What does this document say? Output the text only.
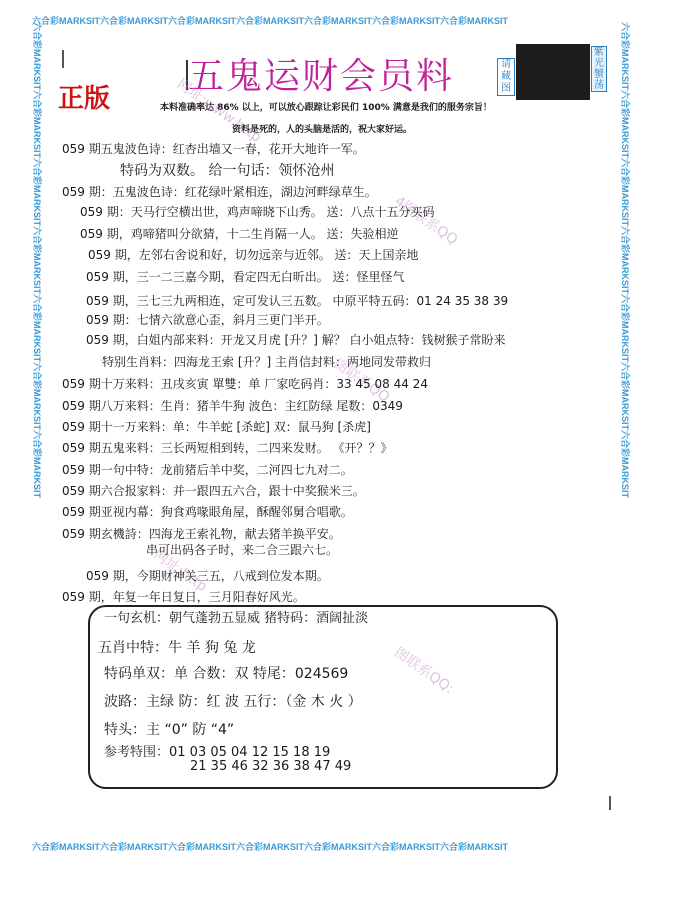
六合彩MARKSIT六合彩MARKSIT六合彩MARKSIT六合彩MARKSIT六合彩MARKSIT六合彩MARKSIT六合彩MARKSIT
六合彩MARKSIT六合彩MARKSIT六合彩MARKSIT六合彩MARKSIT六合彩MARKSIT六合彩MARKSIT六合彩MARKSIT
六合彩MARKSIT六合彩MARKSIT六合彩MARKSIT六合彩MARKSIT六合彩MARKSIT六合彩MARKSIT六合彩MARKSIT	六合彩MARKSIT六合彩MARKSIT六合彩MARKSIT六合彩MARKSIT六合彩MARKSIT六合彩MARKSIT六合彩MARKSIT
五鬼运财会员料
正版
请藏图
紫光蟹荡
本料准确率达 86% 以上，可以放心跟踪让彩民们 100% 满意是我们的服务宗旨！
资料是死的，人的头脑是活的，祝大家好运。
网址:www.http
4图联系QQ
图联系QQ
网址:http
图联系QQ:
059 期五鬼波色诗：红杏出墙又一春，花开大地许一军。
特码为双数。 给一句话：领怀沧州
059 期：五鬼波色诗：红花绿叶紧相连，湖边河畔绿草生。
059 期：天马行空横出世，鸡声啼晓下山秀。 送：八点十五分买码
059 期，鸡啼猪叫分欲猜，十二生肖隔一人。 送：失验相逆
059 期，左邻右舍说和好，切勿远亲与近邻。 送：天上国亲地
059 期，三一二三嘉今期，看定四无白昕出。 送：怪里怪气
059 期，三七三九两相连，定可发认三五数。 中原平特五码：01 24 35 38 39
059 期：七情六欲意心歪，斜月三更门半开。
059 期，白姐内部来料：开龙又月虎 [升？] 解？ 白小姐点特：钱树猴子常盼来
特别生肖料：四海龙王索 [升？] 主肖信封料：两地同发带救归
059 期十万来料：丑戌亥寅 單雙：单 厂家吃码肖：33 45 08 44 24
059 期八万来料：生肖：猪羊牛狗 波色：主红防绿 尾数：0349
059 期十一万来料：单：牛羊蛇 [杀蛇] 双：鼠马狗 [杀虎]
059 期五鬼来料：三长两短相到转，二四来发财。 《开？？》
059 期一句中特：龙前猪后羊中奖，二河四七九对二。
059 期六合报家料：并一跟四五六合，跟十中奖猴米三。
059 期亚视内幕：狗食鸡喙眼角屋，酥醒邻舅合唱歌。
059 期玄機詩：四海龙王索礼物，献去猪羊换平安。
串可出码各子时，来二合三跟六七。
059 期，今期财神关三五，八戒到位发本期。
059 期，年复一年日复日，三月阳春好风光。
一句玄机：朝气蓬勃五显威 猪特码：酒阔扯淡
五肖中特：牛 羊 狗 兔 龙
特码单双：单 合数：双 特尾：024569
波路：主绿 防：红 波 五行：（金 木 火 ）
特头：主 “0” 防 “4”
参考特围：01 03 05 04 12 15 18 19
21 35 46 32 36 38 47 49
